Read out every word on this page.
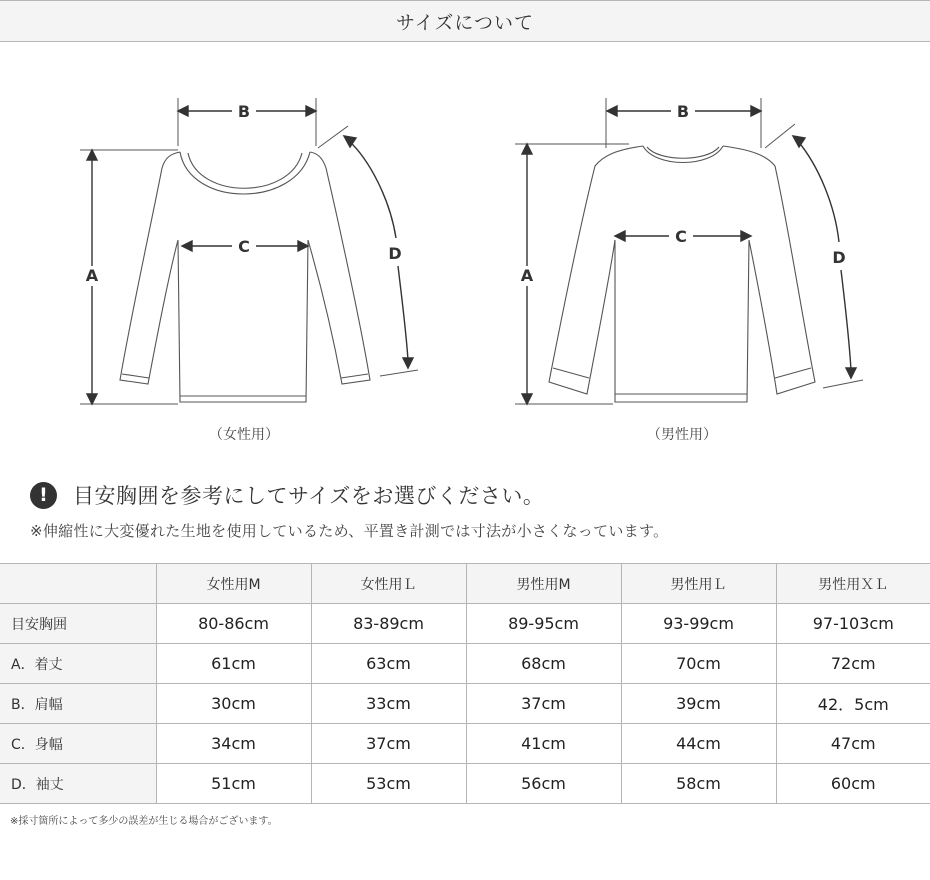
サイズについて
A
B
C	D
A
B
C
D
（女性用）	（男性用）
!	目安胸囲を参考にしてサイズをお選びください。
※伸縮性に大変優れた生地を使用しているため、平置き計測では寸法が小さくなっています。
	女性用M	女性用Ｌ	男性用M	男性用Ｌ	男性用ＸＬ
目安胸囲	80-86cm	83-89cm	89-95cm	93-99cm	97-103cm
A．着丈	61cm	63cm	68cm	70cm	72cm
B．肩幅	30cm	33cm	37cm	39cm	42．5cm
C．身幅	34cm	37cm	41cm	44cm	47cm
D．袖丈	51cm	53cm	56cm	58cm	60cm
※採寸箇所によって多少の誤差が生じる場合がございます。
